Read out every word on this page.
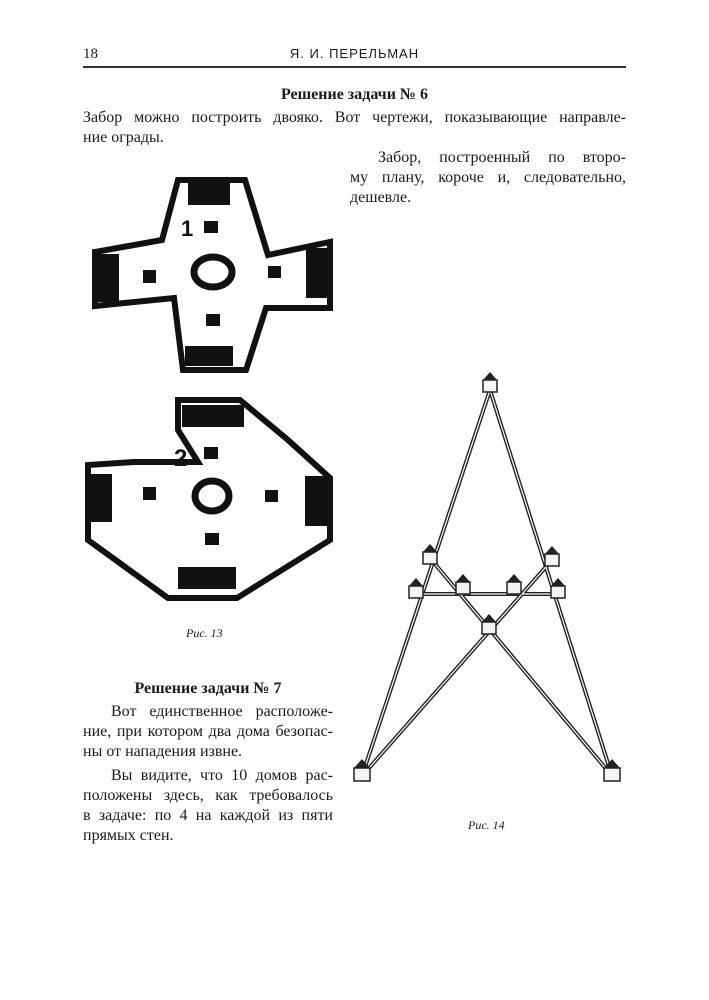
18	Я. И. ПЕРЕЛЬМАН
Решение задачи № 6

Забор можно построить двояко. Вот чертежи, показывающие направле-

ние ограды.

Забор, построенный по второ-

му плану, короче и, следовательно,

дешевле.

1
2
Рис. 13
Решение задачи № 7

Вот единственное расположе-

ние, при котором два дома безопас-

ны от нападения извне.

Вы видите, что 10 домов рас-

положены здесь, как требовалось

в задаче: по 4 на каждой из пяти

прямых стен.

Рис. 14
